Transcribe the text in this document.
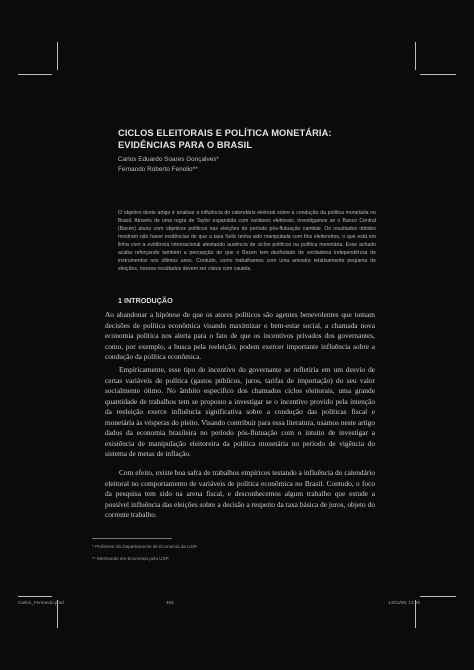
CICLOS ELEITORAIS E POLÍTICA MONETÁRIA: EVIDÊNCIAS PARA O BRASIL
Carlos Eduardo Soares Gonçalves*
Fernando Roberto Fenolio**

O objetivo deste artigo é analisar a influência do calendário eleitoral sobre a condução da política monetária no Brasil. Através de uma regra de Taylor expandida com variáveis eleitorais, investigamos se o Banco Central (Bacen) atuou com objetivos políticos nas eleições do período pós-flutuação cambial. Os resultados obtidos mostram não haver evidências de que a taxa Selic tenha sido manipulada com fins eleitoreiros, o que está em linha com a evidência internacional atestando ausência de ciclos políticos na política monetária. Esse achado acaba reforçando também a percepção de que o Bacen tem desfrutado de verdadeira independência de instrumentos nos últimos anos. Contudo, como trabalhamos com uma amostra relativamente pequena de eleições, nossos resultados devem ser vistos com cautela.

1 INTRODUÇÃO

Ao abandonar a hipótese de que os atores políticos são agentes benevolentes que tomam decisões de política econômica visando maximizar o bem-estar social, a chamada nova economia política nos alerta para o fato de que os incentivos privados dos governantes, como, por exemplo, a busca pela reeleição, podem exercer importante influência sobre a condução da política econômica.

Empiricamente, esse tipo de incentivo do governante se refletiria em um desvio de certas variáveis de política (gastos públicos, juros, tarifas de importação) do seu valor socialmente ótimo. No âmbito específico dos chamados ciclos eleitorais, uma grande quantidade de trabalhos tem se proposto a investigar se o incentivo provido pela intenção da reeleição exerce influência significativa sobre a condução das políticas fiscal e monetária às vésperas do pleito. Visando contribuir para essa literatura, usamos neste artigo dados da economia brasileira no período pós-flutuação com o intuito de investigar a existência de manipulação eleitoreira da política monetária no período de vigência do sistema de metas de inflação.

Com efeito, existe boa safra de trabalhos empíricos testando a influência do calendário eleitoral no comportamento de variáveis de política econômica no Brasil. Contudo, o foco da pesquisa tem sido na arena fiscal, e desconhecemos algum trabalho que estude a possível influência das eleições sobre a decisão a respeito da taxa básica de juros, objeto do corrente trabalho.

* Professor do Departamento de Economia da USP.
** Mestrando em Economia pela USP.
Carlos_Fernando.pmd	465	14/01/08, 14:26
